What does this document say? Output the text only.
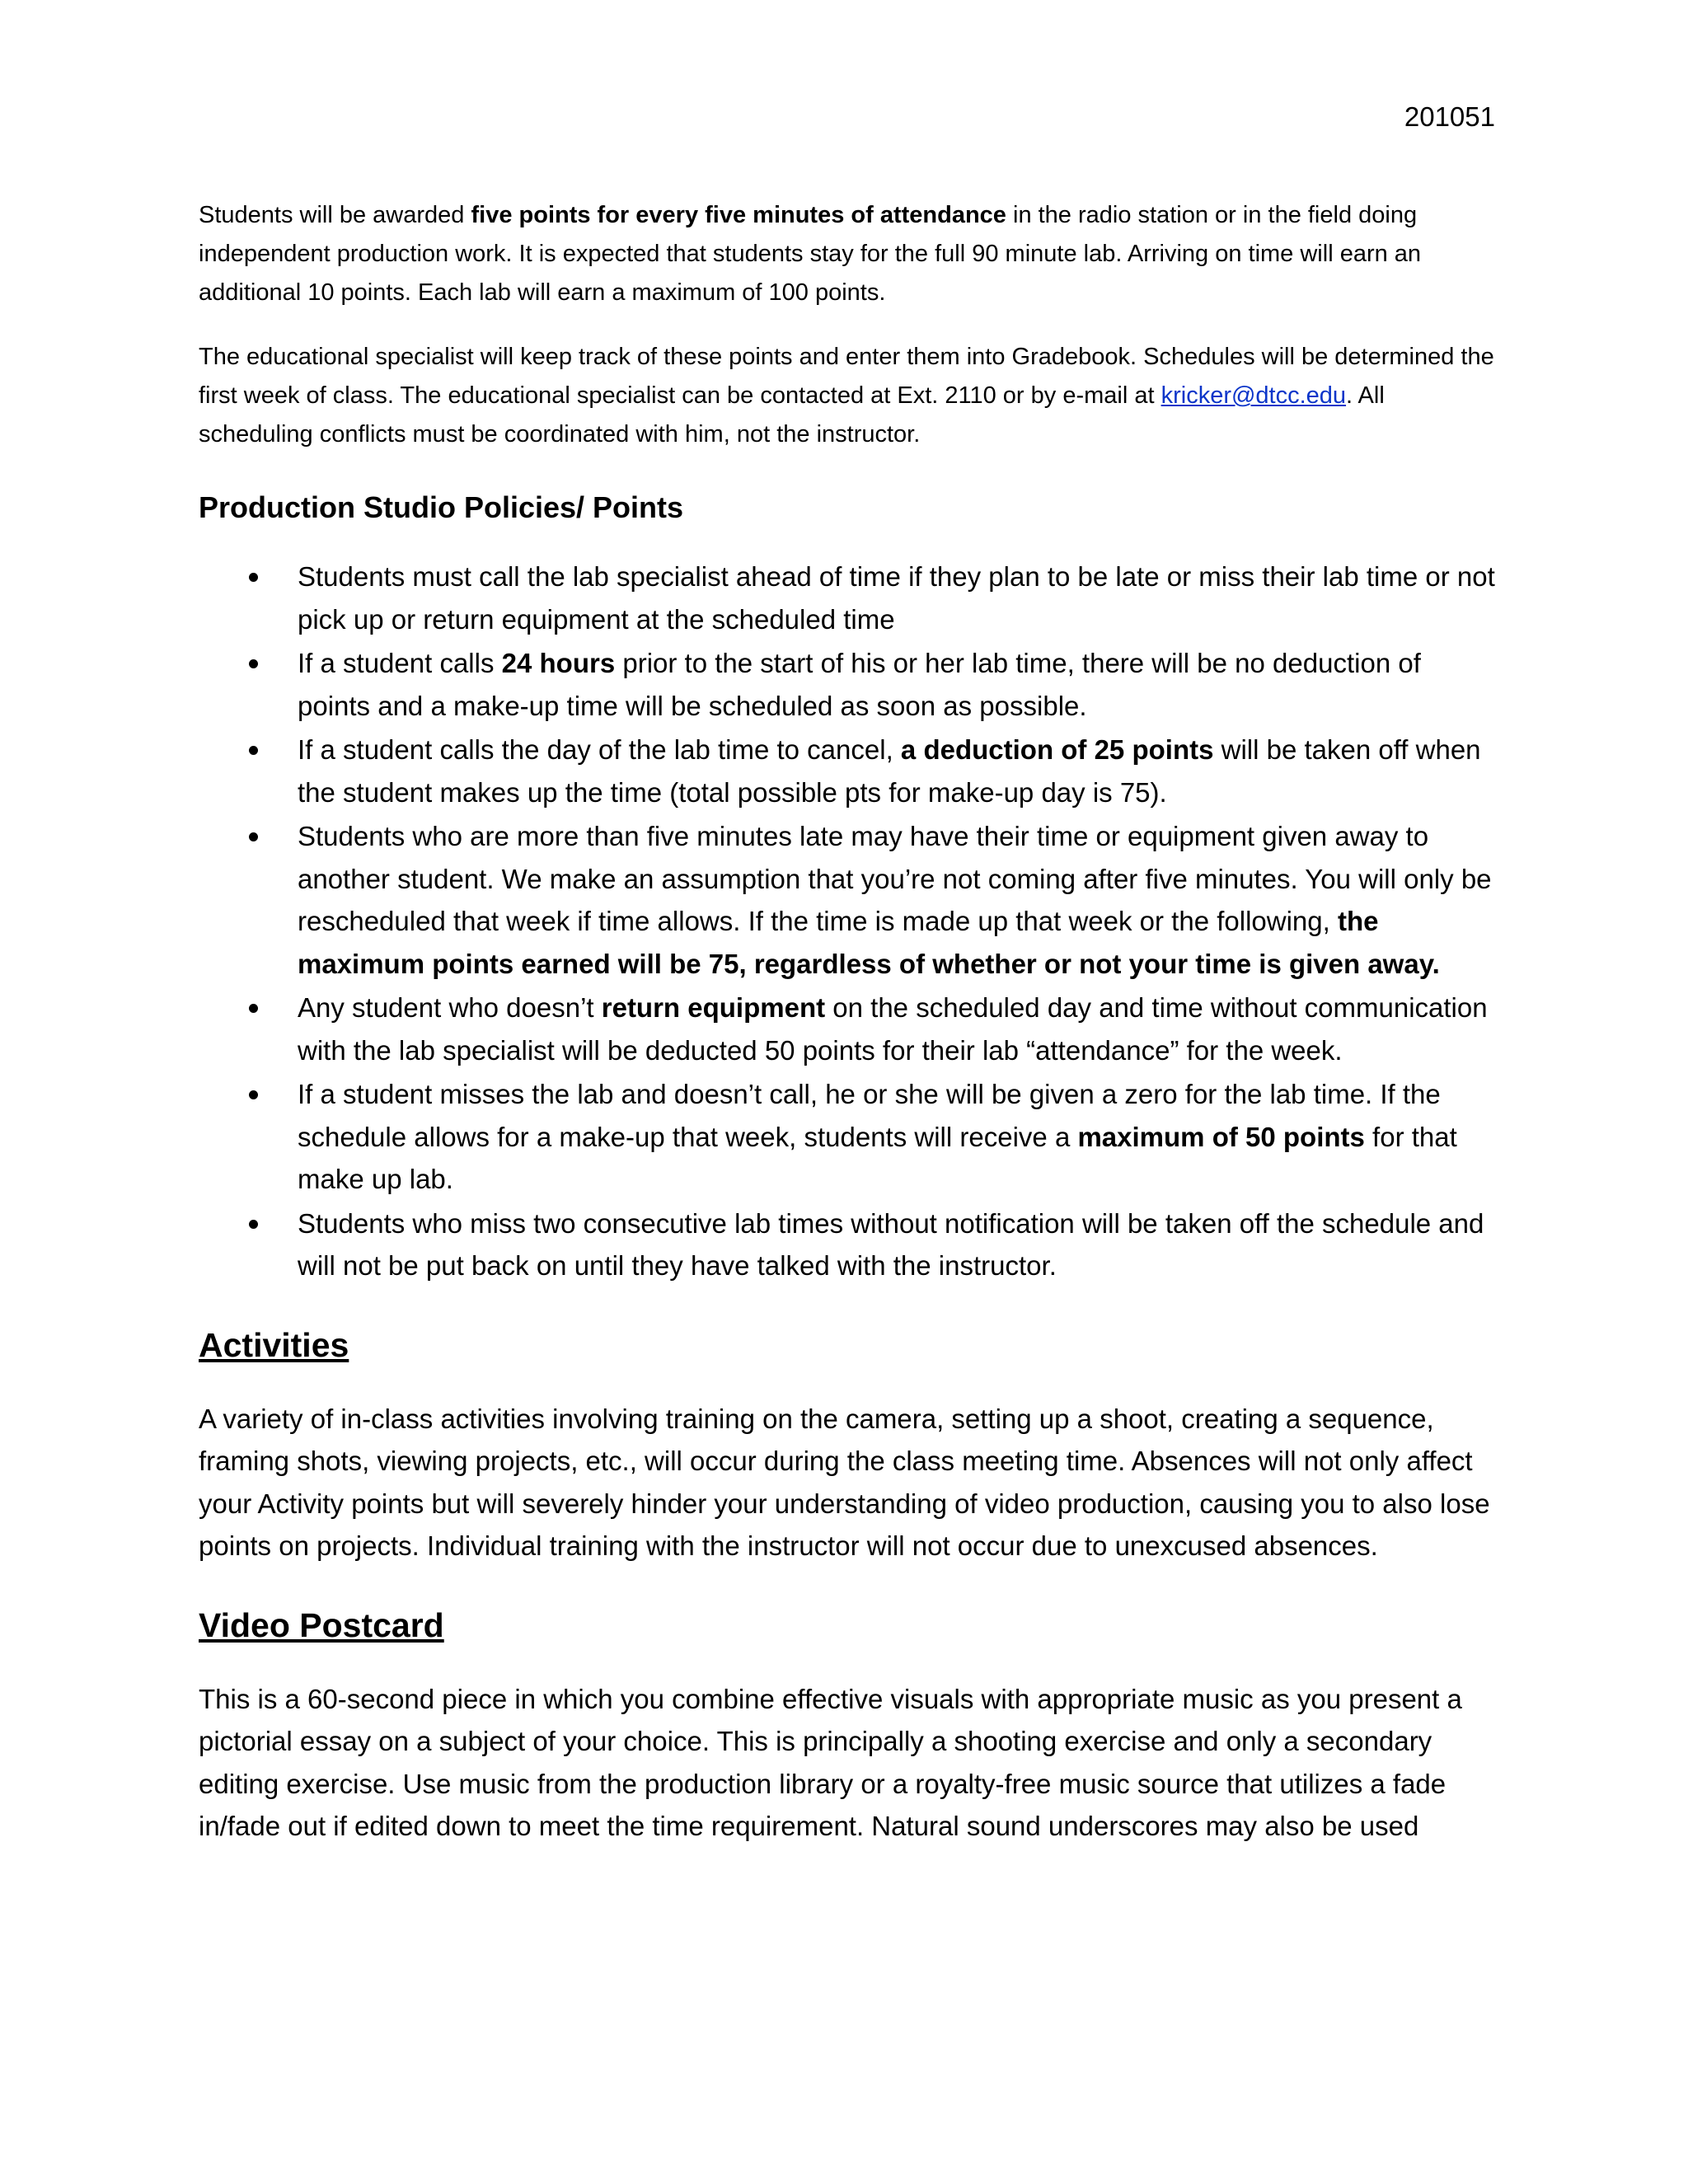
201051

Students will be awarded five points for every five minutes of attendance in the radio station or in the field doing independent production work. It is expected that students stay for the full 90 minute lab. Arriving on time will earn an additional 10 points. Each lab will earn a maximum of 100 points.

The educational specialist will keep track of these points and enter them into Gradebook. Schedules will be determined the first week of class. The educational specialist can be contacted at Ext. 2110 or by e-mail at kricker@dtcc.edu. All scheduling conflicts must be coordinated with him, not the instructor.

Production Studio Policies/ Points
Students must call the lab specialist ahead of time if they plan to be late or miss their lab time or not pick up or return equipment at the scheduled time
If a student calls 24 hours prior to the start of his or her lab time, there will be no deduction of points and a make-up time will be scheduled as soon as possible.
If a student calls the day of the lab time to cancel, a deduction of 25 points will be taken off when the student makes up the time (total possible pts for make-up day is 75).
Students who are more than five minutes late may have their time or equipment given away to another student. We make an assumption that you’re not coming after five minutes. You will only be rescheduled that week if time allows. If the time is made up that week or the following, the maximum points earned will be 75, regardless of whether or not your time is given away.
Any student who doesn’t return equipment on the scheduled day and time without communication with the lab specialist will be deducted 50 points for their lab “attendance” for the week.
If a student misses the lab and doesn’t call, he or she will be given a zero for the lab time. If the schedule allows for a make-up that week, students will receive a maximum of 50 points for that make up lab.
Students who miss two consecutive lab times without notification will be taken off the schedule and will not be put back on until they have talked with the instructor.
Activities

A variety of in-class activities involving training on the camera, setting up a shoot, creating a sequence, framing shots, viewing projects, etc., will occur during the class meeting time. Absences will not only affect your Activity points but will severely hinder your understanding of video production, causing you to also lose points on projects. Individual training with the instructor will not occur due to unexcused absences.

Video Postcard

This is a 60-second piece in which you combine effective visuals with appropriate music as you present a pictorial essay on a subject of your choice. This is principally a shooting exercise and only a secondary editing exercise. Use music from the production library or a royalty-free music source that utilizes a fade in/fade out if edited down to meet the time requirement. Natural sound underscores may also be used
